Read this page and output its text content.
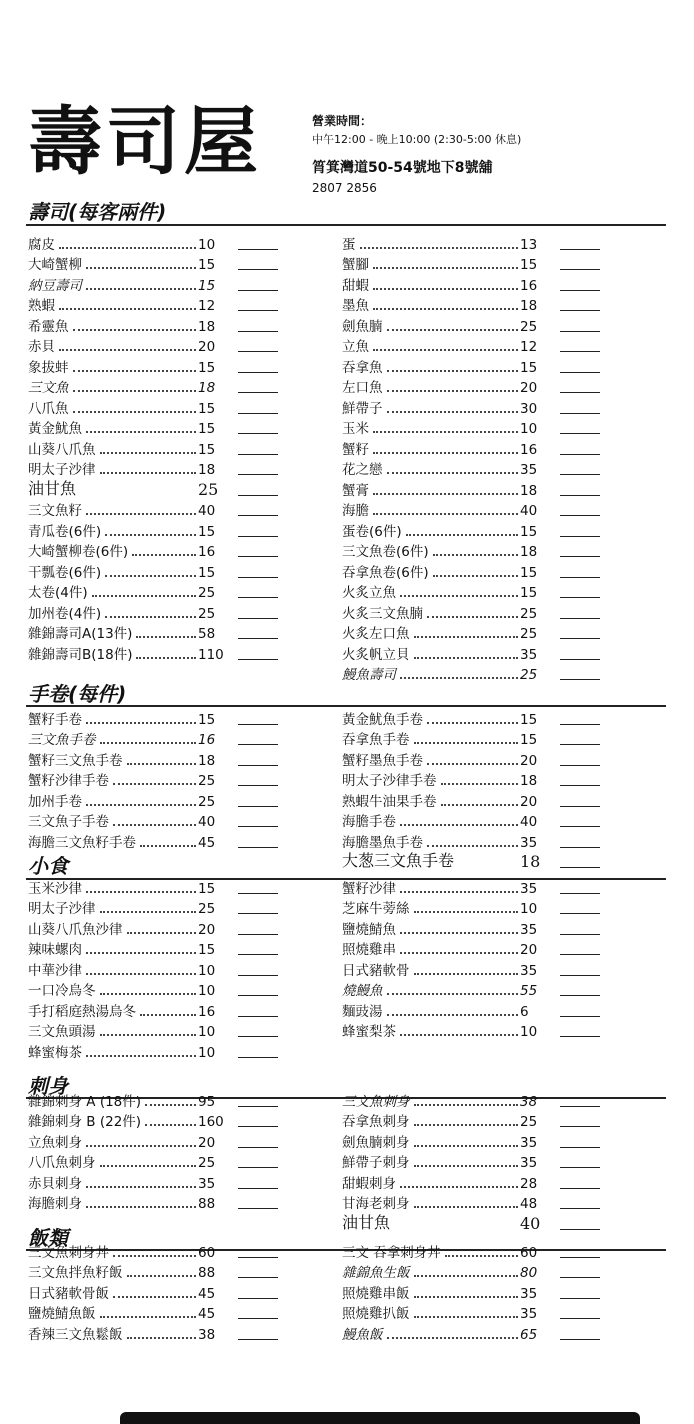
壽司屋	營業時間：
中午12:00 - 晚上10:00 (2:30-5:00 休息)
筲箕灣道50-54號地下8號舖
2807 2856
壽司(每客兩件)
腐皮	10
大崎蟹柳	15
納豆壽司	15
熟蝦	12
希靈魚	18
赤貝	20
象拔蚌	15
三文魚	18
八爪魚	15
黃金魷魚	15
山葵八爪魚	15
明太子沙律	18
油甘魚	25
三文魚籽	40
青瓜卷(6件)	15
大崎蟹柳卷(6件)	16
干瓢卷(6件)	15
太卷(4件)	25
加州卷(4件)	25
雜錦壽司A(13件)	58
雜錦壽司B(18件)	110
蛋	13
蟹腳	15
甜蝦	16
墨魚	18
劍魚腩	25
立魚	12
吞拿魚	15
左口魚	20
鮮帶子	30
玉米	10
蟹籽	16
花之戀	35
蟹膏	18
海膽	40
蛋卷(6件)	15
三文魚卷(6件)	18
吞拿魚卷(6件)	15
火炙立魚	15
火炙三文魚腩	25
火炙左口魚	25
火炙帆立貝	35
鰻魚壽司	25
手卷(每件)
蟹籽手卷	15
三文魚手卷	16
蟹籽三文魚手卷	18
蟹籽沙律手卷	25
加州手卷	25
三文魚子手卷	40
海膽三文魚籽手卷	45
黃金魷魚手卷	15
吞拿魚手卷	15
蟹籽墨魚手卷	20
明太子沙律手卷	18
熟蝦牛油果手卷	20
海膽手卷	40
海膽墨魚手卷	35
大葱三文魚手卷	18
小食
玉米沙律	15
明太子沙律	25
山葵八爪魚沙律	20
辣味螺肉	15
中華沙律	10
一口冷烏冬	10
手打稻庭熱湯烏冬	16
三文魚頭湯	10
蜂蜜梅茶	10
蟹籽沙律	35
芝麻牛蒡絲	10
鹽燒鯖魚	35
照燒雞串	20
日式豬軟骨	35
燒鰻魚	55
麵豉湯	6
蜂蜜梨茶	10
刺身
雜錦刺身 A (18件)	95
雜錦刺身 B (22件)	160
立魚刺身	20
八爪魚刺身	25
赤貝刺身	35
海膽刺身	88
三文魚刺身	38
吞拿魚刺身	25
劍魚腩刺身	35
鮮帶子刺身	35
甜蝦刺身	28
甘海老刺身	48
油甘魚	40
飯類
三文魚刺身丼	60
三文魚拌魚籽飯	88
日式豬軟骨飯	45
鹽燒鯖魚飯	45
香辣三文魚鬆飯	38
三文 吞拿刺身丼	60
雜錦魚生飯	80
照燒雞串飯	35
照燒雞扒飯	35
鰻魚飯	65
